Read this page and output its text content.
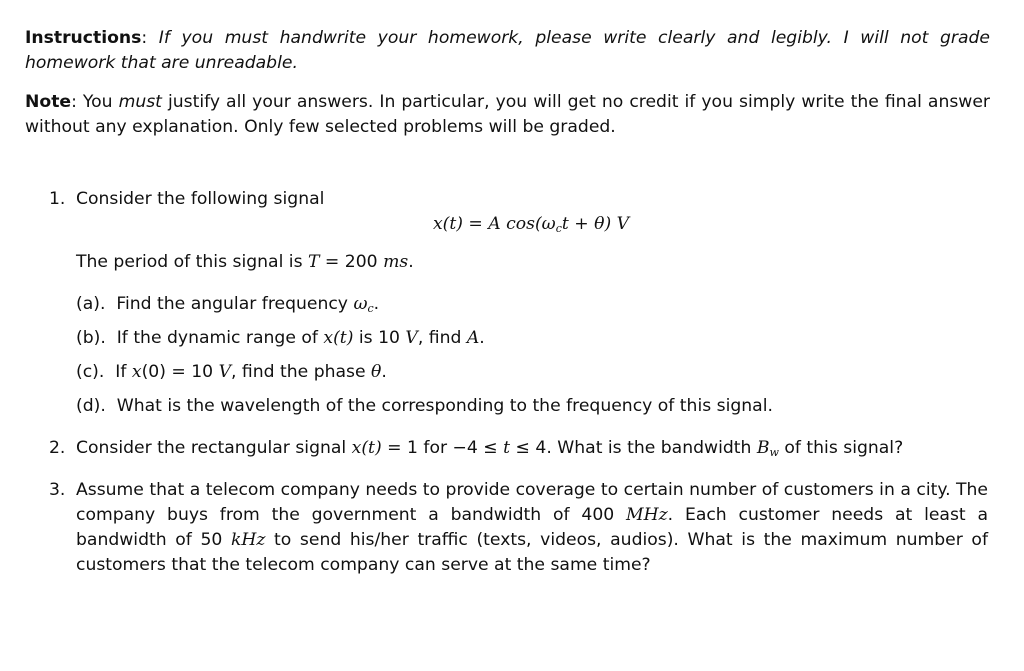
Instructions: If you must handwrite your homework, please write clearly and legibly. I will not grade homework that are unreadable.
Note: You must justify all your answers. In particular, you will get no credit if you simply write the final answer without any explanation. Only few selected problems will be graded.
1. Consider the following signal
x(t) = A $\cos(\omega_ct + \theta)$ V
The period of this signal is T = 200 ms.
(a). Find the angular frequency $\omega_c$.
(b). If the dynamic range of x(t) is 10 V, find A.
(c). If x(0) = 10 V, find the phase θ.
(d). What is the wavelength of the corresponding to the frequency of this signal.
2. Consider the rectangular signal x(t) = 1 for −4 ≤ t ≤ 4. What is the bandwidth $B_w$ of this signal?
3. Assume that a telecom company needs to provide coverage to certain number of customers in a city. The company buys from the government a bandwidth of 400 MHz. Each customer needs at least a bandwidth of 50 kHz to send his/her traffic (texts, videos, audios). What is the maximum number of customers that the telecom company can serve at the same time?
